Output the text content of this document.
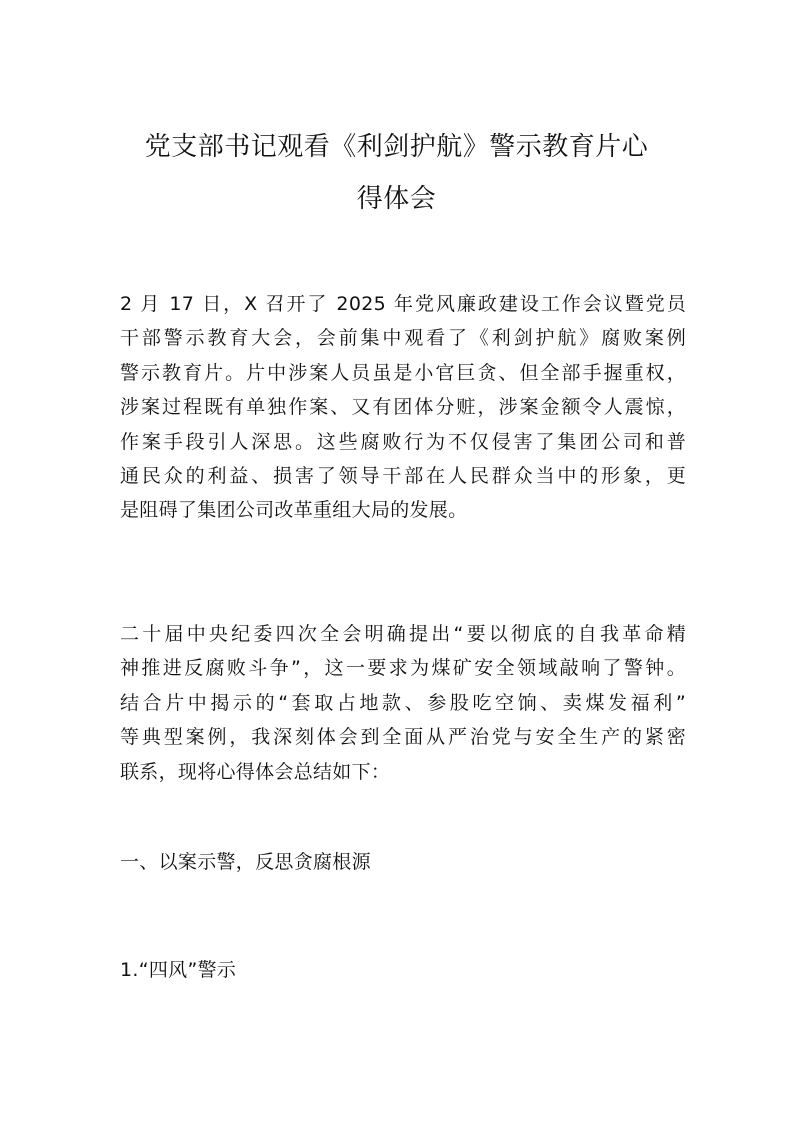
党支部书记观看《利剑护航》警示教育片心
得体会

2 月 17 日，X 召开了 2025 年党风廉政建设工作会议暨党员
干部警示教育大会，会前集中观看了《利剑护航》腐败案例
警示教育片。片中涉案人员虽是小官巨贪、但全部手握重权，
涉案过程既有单独作案、又有团体分赃，涉案金额令人震惊，
作案手段引人深思。这些腐败行为不仅侵害了集团公司和普
通民众的利益、损害了领导干部在人民群众当中的形象，更
是阻碍了集团公司改革重组大局的发展。

二十届中央纪委四次全会明确提出“要以彻底的自我革命精
神推进反腐败斗争”，这一要求为煤矿安全领域敲响了警钟。
结合片中揭示的“套取占地款、参股吃空饷、卖煤发福利”
等典型案例，我深刻体会到全面从严治党与安全生产的紧密
联系，现将心得体会总结如下：

一、以案示警，反思贪腐根源

1.“四风”警示
